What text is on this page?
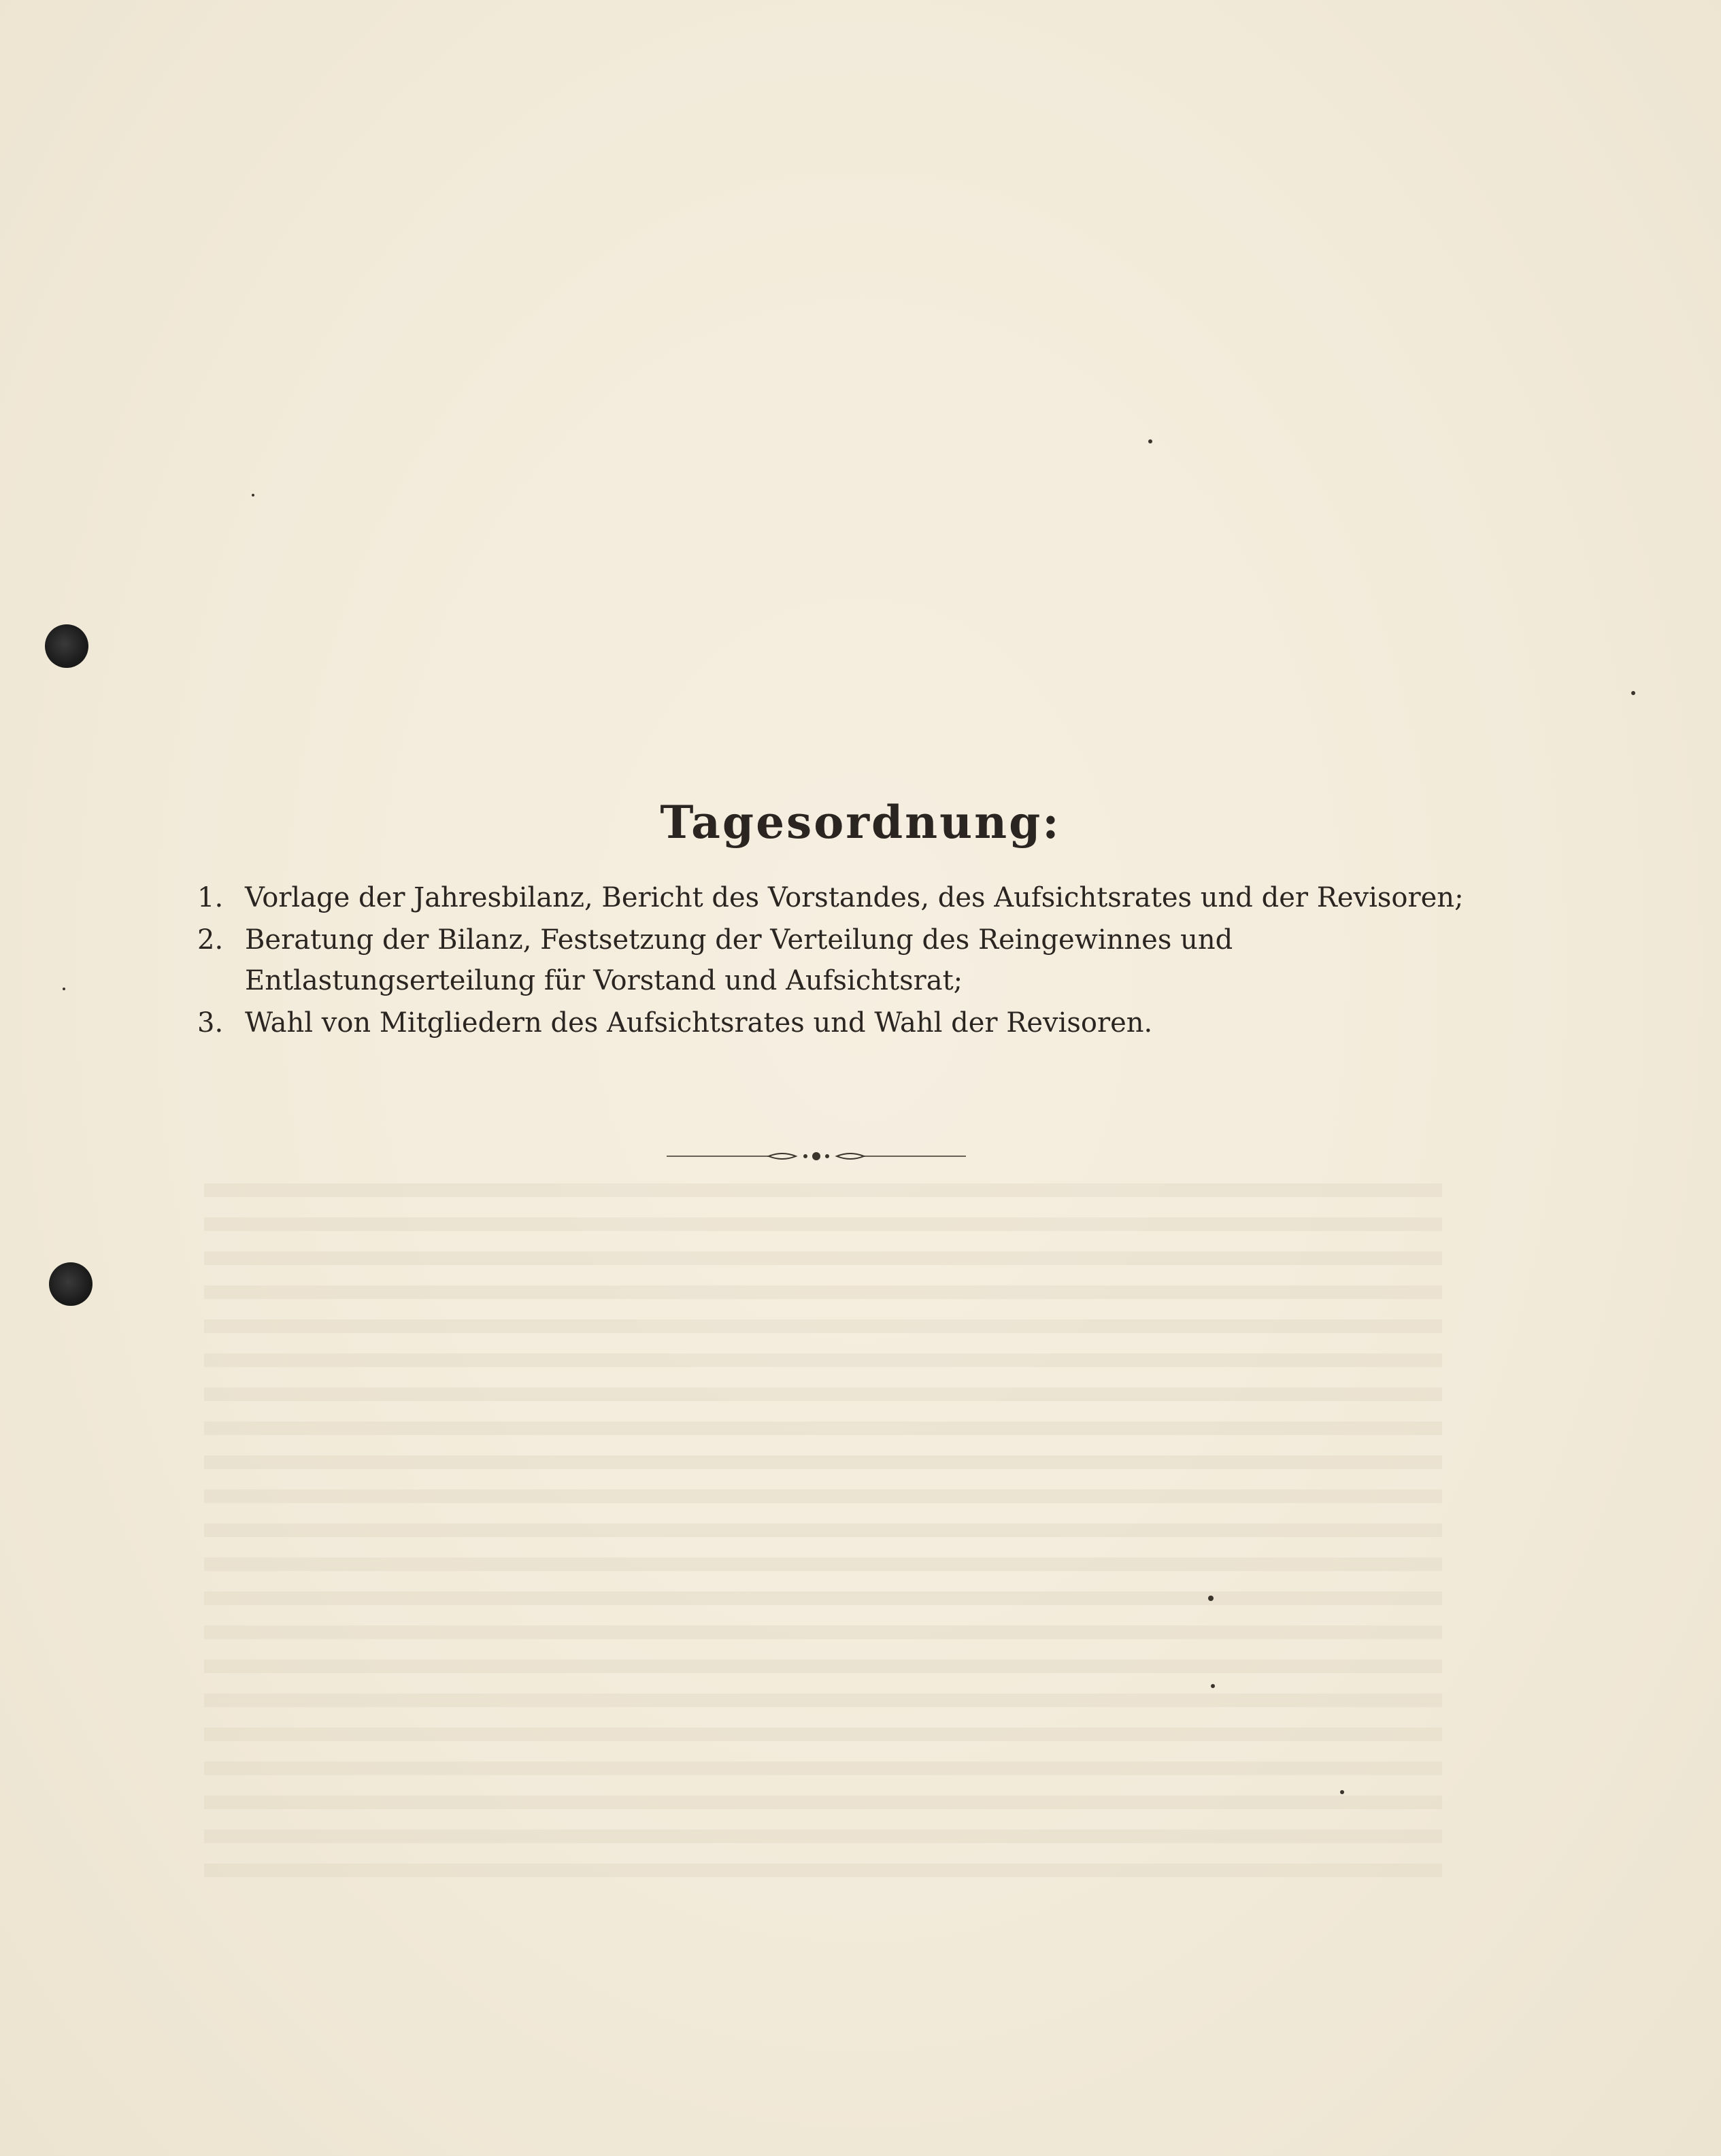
Tagesordnung:
1. Vorlage der Jahresbilanz, Bericht des Vorstandes, des Aufsichtsrates und der Revisoren;
2. Beratung der Bilanz, Festsetzung der Verteilung des Reingewinnes und Entlastungserteilung für Vorstand und Aufsichtsrat;
3. Wahl von Mitgliedern des Aufsichtsrates und Wahl der Revisoren.
